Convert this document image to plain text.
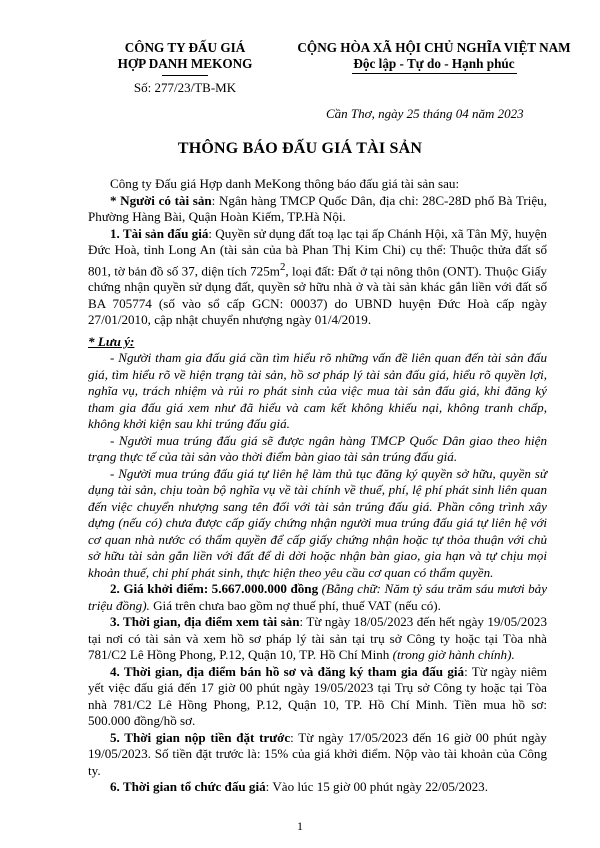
CÔNG TY ĐẤU GIÁ
HỢP DANH MEKONG
Số: 277/23/TB-MK
CỘNG HÒA XÃ HỘI CHỦ NGHĨA VIỆT NAM
Độc lập - Tự do - Hạnh phúc
Cần Thơ, ngày 25 tháng 04 năm 2023
THÔNG BÁO ĐẤU GIÁ TÀI SẢN

Công ty Đấu giá Hợp danh MeKong thông báo đấu giá tài sản sau:

* Người có tài sản: Ngân hàng TMCP Quốc Dân, địa chỉ: 28C-28D phố Bà Triệu, Phường Hàng Bài, Quận Hoàn Kiếm, TP.Hà Nội.

1. Tài sản đấu giá: Quyền sử dụng đất toạ lạc tại ấp Chánh Hội, xã Tân Mỹ, huyện Đức Hoà, tỉnh Long An (tài sản của bà Phan Thị Kim Chi) cụ thể: Thuộc thửa đất số 801, tờ bản đồ số 37, diện tích $725m^2$, loại đất: Đất ở tại nông thôn (ONT). Thuộc Giấy chứng nhận quyền sử dụng đất, quyền sở hữu nhà ở và tài sản khác gắn liền với đất số BA 705774 (số vào sổ cấp GCN: 00037) do UBND huyện Đức Hoà cấp ngày 27/01/2010, cập nhật chuyển nhượng ngày 01/4/2019.

* Lưu ý:

- Người tham gia đấu giá cần tìm hiểu rõ những vấn đề liên quan đến tài sản đấu giá, tìm hiểu rõ về hiện trạng tài sản, hồ sơ pháp lý tài sản đấu giá, hiểu rõ quyền lợi, nghĩa vụ, trách nhiệm và rủi ro phát sinh của việc mua tài sản đấu giá, khi đăng ký tham gia đấu giá xem như đã hiểu và cam kết không khiếu nại, không tranh chấp, không khởi kiện sau khi trúng đấu giá.

- Người mua trúng đấu giá sẽ được ngân hàng TMCP Quốc Dân giao theo hiện trạng thực tế của tài sản vào thời điểm bàn giao tài sản trúng đấu giá.

- Người mua trúng đấu giá tự liên hệ làm thủ tục đăng ký quyền sở hữu, quyền sử dụng tài sản, chịu toàn bộ nghĩa vụ về tài chính về thuế, phí, lệ phí phát sinh liên quan đến việc chuyển nhượng sang tên đối với tài sản trúng đấu giá. Phần công trình xây dựng (nếu có) chưa được cấp giấy chứng nhận người mua trúng đấu giá tự liên hệ với cơ quan nhà nước có thẩm quyền để cấp giấy chứng nhận hoặc tự thỏa thuận với chủ sở hữu tài sản gắn liền với đất để di dời hoặc nhận bàn giao, gia hạn và tự chịu mọi khoản thuế, chi phí phát sinh, thực hiện theo yêu cầu cơ quan có thẩm quyền.

2. Giá khởi điểm: 5.667.000.000 đồng (Bằng chữ: Năm tỷ sáu trăm sáu mươi bảy triệu đồng). Giá trên chưa bao gồm nợ thuế phí, thuế VAT (nếu có).

3. Thời gian, địa điểm xem tài sản: Từ ngày 18/05/2023 đến hết ngày 19/05/2023 tại nơi có tài sản và xem hồ sơ pháp lý tài sản tại trụ sở Công ty hoặc tại Tòa nhà 781/C2 Lê Hồng Phong, P.12, Quận 10, TP. Hồ Chí Minh (trong giờ hành chính).

4. Thời gian, địa điểm bán hồ sơ và đăng ký tham gia đấu giá: Từ ngày niêm yết việc đấu giá đến 17 giờ 00 phút ngày 19/05/2023 tại Trụ sở Công ty hoặc tại Tòa nhà 781/C2 Lê Hồng Phong, P.12, Quận 10, TP. Hồ Chí Minh. Tiền mua hồ sơ: 500.000 đồng/hồ sơ.

5. Thời gian nộp tiền đặt trước: Từ ngày 17/05/2023 đến 16 giờ 00 phút ngày 19/05/2023. Số tiền đặt trước là: 15% của giá khởi điểm. Nộp vào tài khoản của Công ty.

6. Thời gian tổ chức đấu giá: Vào lúc 15 giờ 00 phút ngày 22/05/2023.

1
